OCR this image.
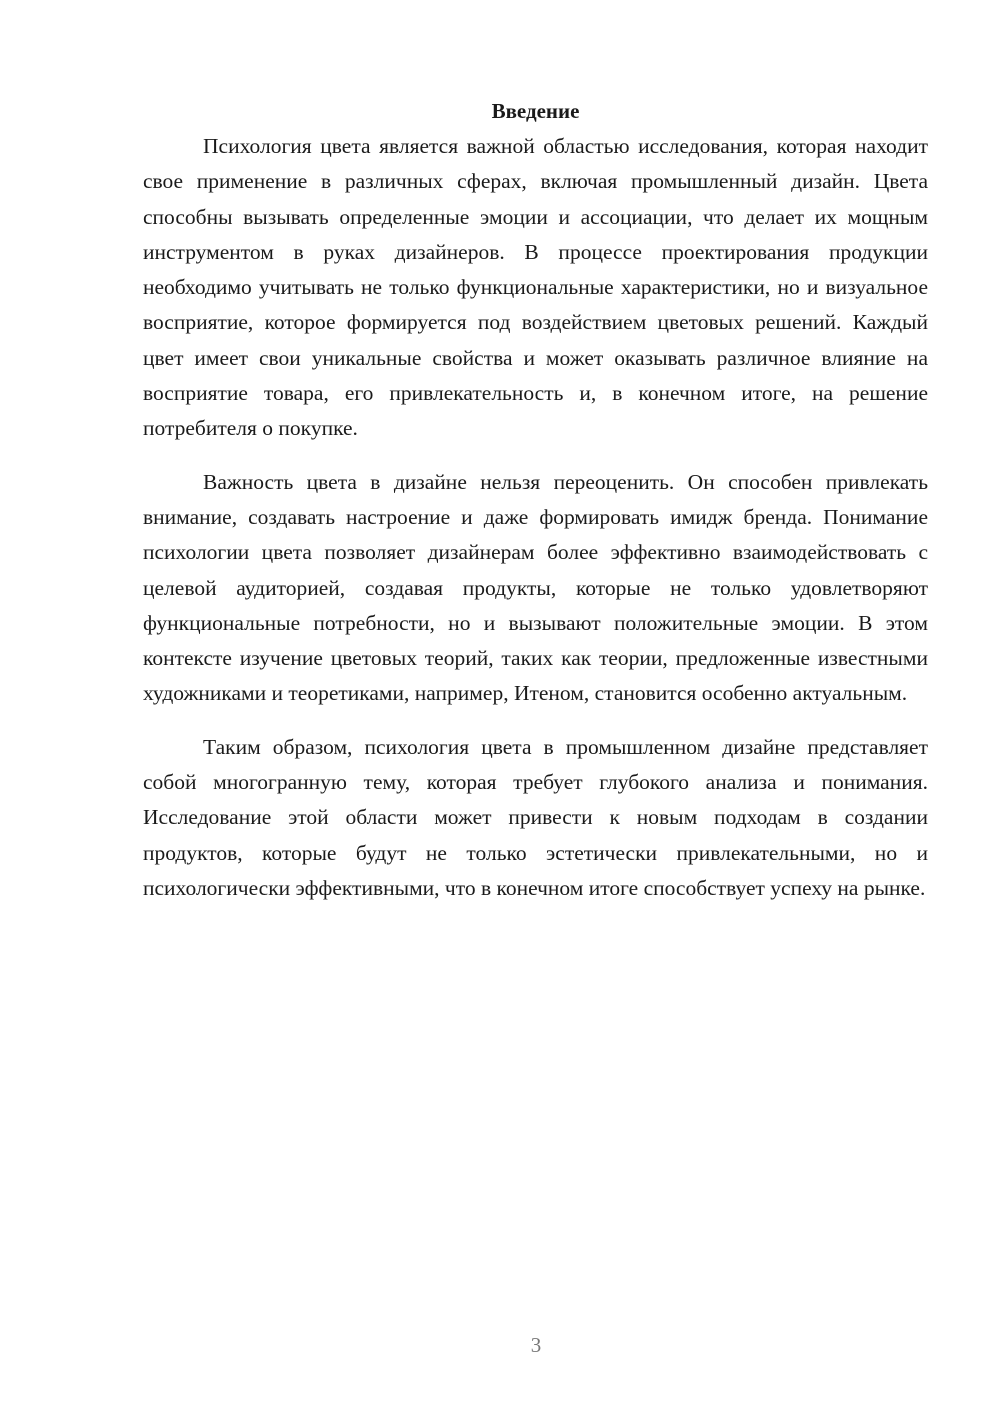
Введение

Психология цвета является важной областью исследования, которая находит свое применение в различных сферах, включая промышленный дизайн. Цвета способны вызывать определенные эмоции и ассоциации, что делает их мощным инструментом в руках дизайнеров. В процессе проектирования продукции необходимо учитывать не только функциональные характеристики, но и визуальное восприятие, которое формируется под воздействием цветовых решений. Каждый цвет имеет свои уникальные свойства и может оказывать различное влияние на восприятие товара, его привлекательность и, в конечном итоге, на решение потребителя о покупке.

Важность цвета в дизайне нельзя переоценить. Он способен привлекать внимание, создавать настроение и даже формировать имидж бренда. Понимание психологии цвета позволяет дизайнерам более эффективно взаимодействовать с целевой аудиторией, создавая продукты, которые не только удовлетворяют функциональные потребности, но и вызывают положительные эмоции. В этом контексте изучение цветовых теорий, таких как теории, предложенные известными художниками и теоретиками, например, Итеном, становится особенно актуальным.

Таким образом, психология цвета в промышленном дизайне представляет собой многогранную тему, которая требует глубокого анализа и понимания. Исследование этой области может привести к новым подходам в создании продуктов, которые будут не только эстетически привлекательными, но и психологически эффективными, что в конечном итоге способствует успеху на рынке.

3
